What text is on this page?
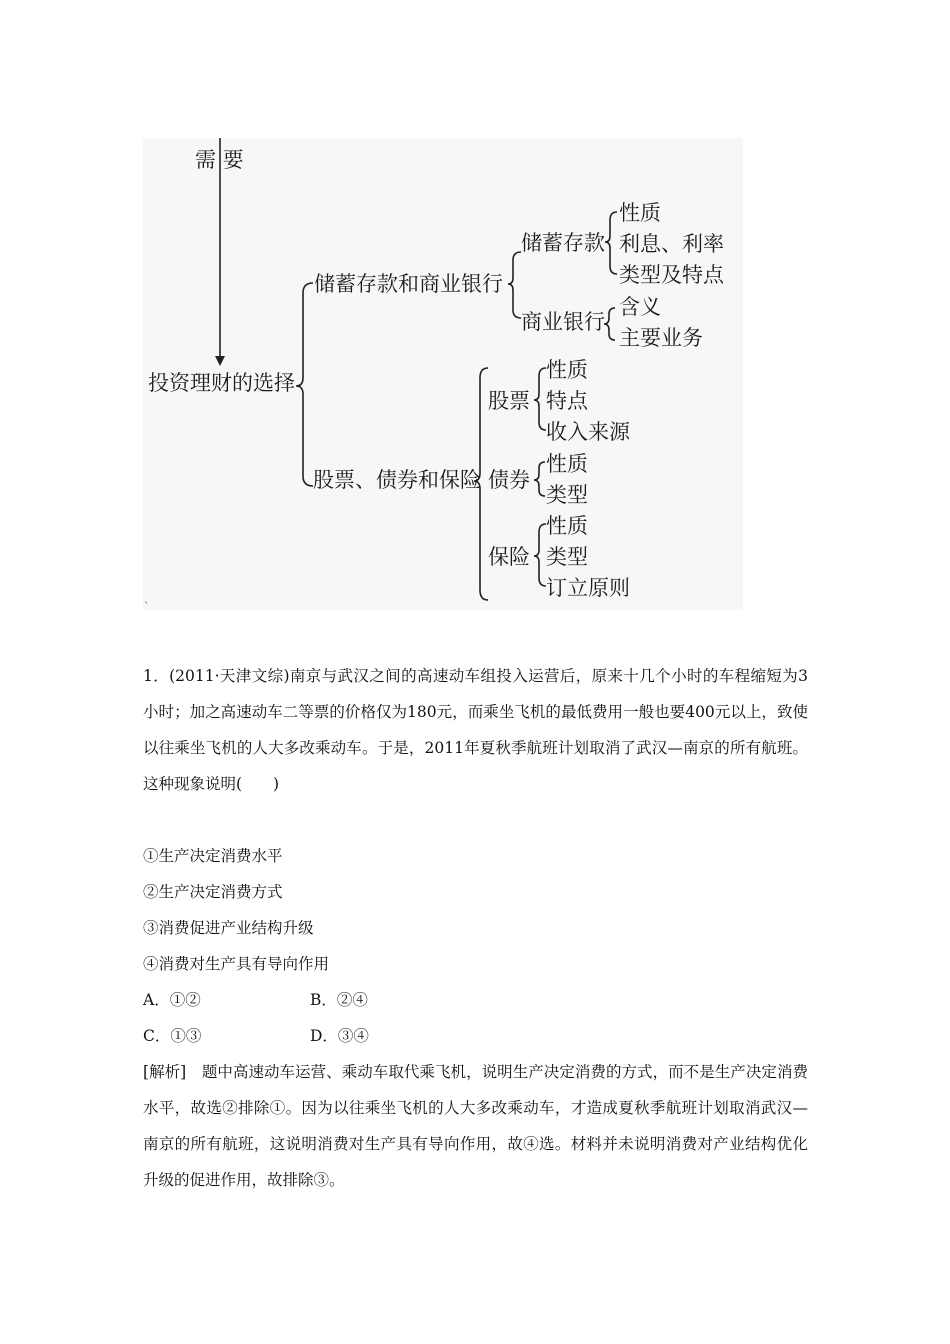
需 要
投资理财的选择
储蓄存款和商业银行
储蓄存款
性质
利息、利率
类型及特点
商业银行
含义
主要业务
股票、债券和保险
股票
性质
特点
收入来源
债券
性质
类型
保险
性质
类型
订立原则
`

1．(2011·天津文综)南京与武汉之间的高速动车组投入运营后，原来十几个小时的车程缩短为3小时；加之高速动车二等票的价格仅为180元，而乘坐飞机的最低费用一般也要400元以上，致使以往乘坐飞机的人大多改乘动车。于是，2011年夏秋季航班计划取消了武汉—南京的所有航班。这种现象说明(　　)

①生产决定消费水平

②生产决定消费方式

③消费促进产业结构升级

④消费对生产具有导向作用

A．①②	B．②④

C．①③	D．③④

[解析]　题中高速动车运营、乘动车取代乘飞机，说明生产决定消费的方式，而不是生产决定消费水平，故选②排除①。因为以往乘坐飞机的人大多改乘动车，才造成夏秋季航班计划取消武汉—南京的所有航班，这说明消费对生产具有导向作用，故④选。材料并未说明消费对产业结构优化升级的促进作用，故排除③。
